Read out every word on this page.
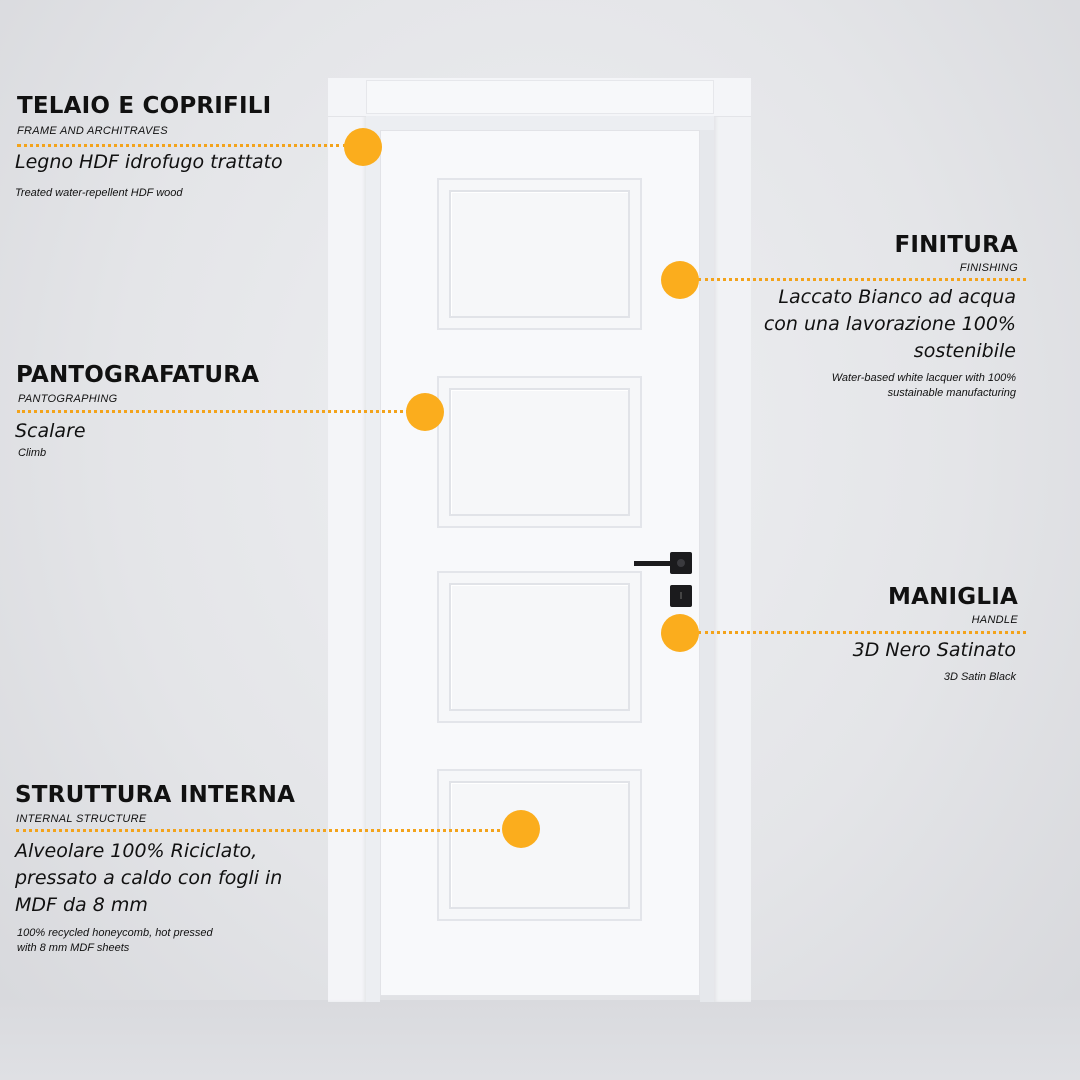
TELAIO E COPRIFILI
FRAME AND ARCHITRAVES
Legno HDF idrofugo trattato
Treated water-repellent HDF wood
FINITURA
FINISHING
Laccato Bianco ad acqua
con una lavorazione 100%
sostenibile
Water-based white lacquer with 100%
sustainable manufacturing
PANTOGRAFATURA
PANTOGRAPHING
Scalare
Climb
MANIGLIA
HANDLE
3D Nero Satinato
3D Satin Black
STRUTTURA INTERNA
INTERNAL STRUCTURE
Alveolare 100% Riciclato,
pressato a caldo con fogli in
MDF da 8 mm
100% recycled honeycomb, hot pressed
with 8 mm MDF sheets
